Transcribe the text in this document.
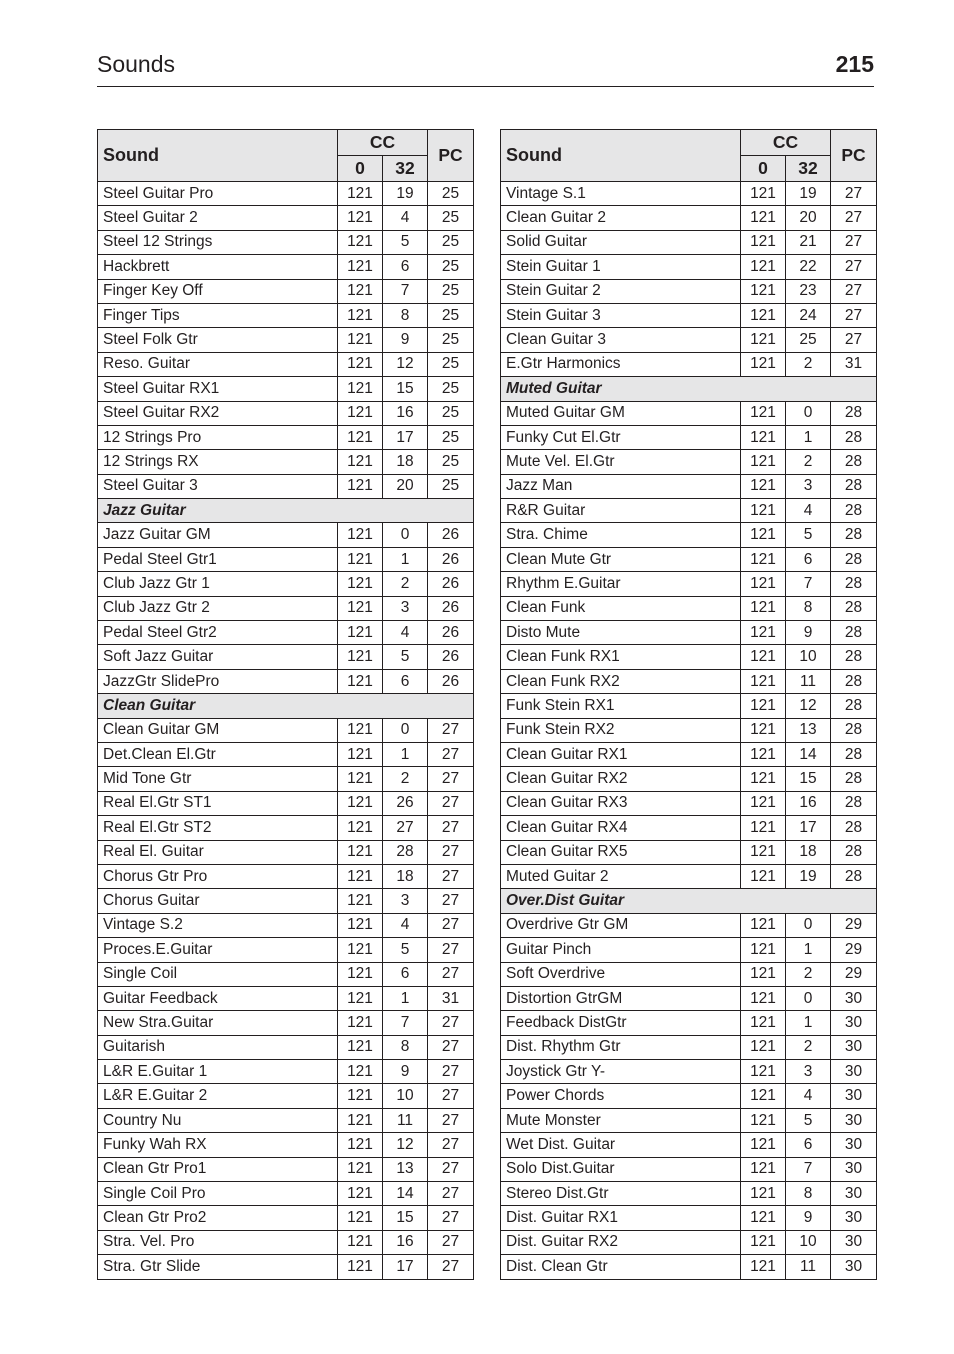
Sounds	215
Sound	CC		PC
	0	32	
Steel Guitar Pro	121	19	25
Steel Guitar 2	121	4	25
Steel 12 Strings	121	5	25
Hackbrett	121	6	25
Finger Key Off	121	7	25
Finger Tips	121	8	25
Steel Folk Gtr	121	9	25
Reso. Guitar	121	12	25
Steel Guitar RX1	121	15	25
Steel Guitar RX2	121	16	25
12 Strings Pro	121	17	25
12 Strings RX	121	18	25
Steel Guitar 3	121	20	25
Jazz Guitar			
Jazz Guitar GM	121	0	26
Pedal Steel Gtr1	121	1	26
Club Jazz Gtr 1	121	2	26
Club Jazz Gtr 2	121	3	26
Pedal Steel Gtr2	121	4	26
Soft Jazz Guitar	121	5	26
JazzGtr SlidePro	121	6	26
Clean Guitar			
Clean Guitar GM	121	0	27
Det.Clean El.Gtr	121	1	27
Mid Tone Gtr	121	2	27
Real El.Gtr ST1	121	26	27
Real El.Gtr ST2	121	27	27
Real El. Guitar	121	28	27
Chorus Gtr Pro	121	18	27
Chorus Guitar	121	3	27
Vintage S.2	121	4	27
Proces.E.Guitar	121	5	27
Single Coil	121	6	27
Guitar Feedback	121	1	31
New Stra.Guitar	121	7	27
Guitarish	121	8	27
L&R E.Guitar 1	121	9	27
L&R E.Guitar 2	121	10	27
Country Nu	121	11	27
Funky Wah RX	121	12	27
Clean Gtr Pro1	121	13	27
Single Coil Pro	121	14	27
Clean Gtr Pro2	121	15	27
Stra. Vel. Pro	121	16	27
Stra. Gtr Slide	121	17	27
Sound	CC		PC
	0	32	
Vintage S.1	121	19	27
Clean Guitar 2	121	20	27
Solid Guitar	121	21	27
Stein Guitar 1	121	22	27
Stein Guitar 2	121	23	27
Stein Guitar 3	121	24	27
Clean Guitar 3	121	25	27
E.Gtr Harmonics	121	2	31
Muted Guitar			
Muted Guitar GM	121	0	28
Funky Cut El.Gtr	121	1	28
Mute Vel. El.Gtr	121	2	28
Jazz Man	121	3	28
R&R Guitar	121	4	28
Stra. Chime	121	5	28
Clean Mute Gtr	121	6	28
Rhythm E.Guitar	121	7	28
Clean Funk	121	8	28
Disto Mute	121	9	28
Clean Funk RX1	121	10	28
Clean Funk RX2	121	11	28
Funk Stein RX1	121	12	28
Funk Stein RX2	121	13	28
Clean Guitar RX1	121	14	28
Clean Guitar RX2	121	15	28
Clean Guitar RX3	121	16	28
Clean Guitar RX4	121	17	28
Clean Guitar RX5	121	18	28
Muted Guitar 2	121	19	28
Over.Dist Guitar			
Overdrive Gtr GM	121	0	29
Guitar Pinch	121	1	29
Soft Overdrive	121	2	29
Distortion GtrGM	121	0	30
Feedback DistGtr	121	1	30
Dist. Rhythm Gtr	121	2	30
Joystick Gtr Y-	121	3	30
Power Chords	121	4	30
Mute Monster	121	5	30
Wet Dist. Guitar	121	6	30
Solo Dist.Guitar	121	7	30
Stereo Dist.Gtr	121	8	30
Dist. Guitar RX1	121	9	30
Dist. Guitar RX2	121	10	30
Dist. Clean Gtr	121	11	30
